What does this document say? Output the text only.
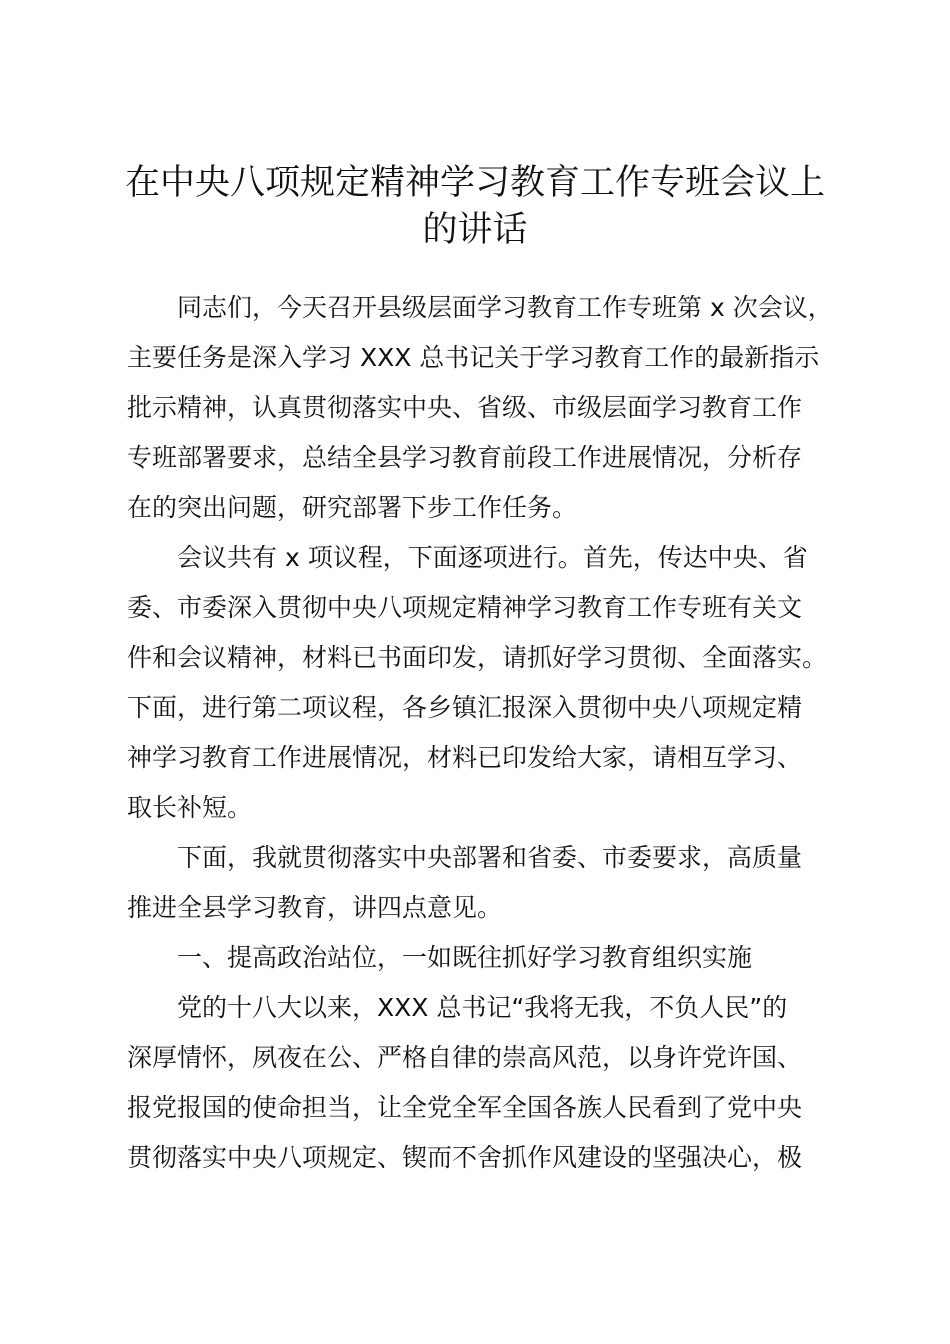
在中央八项规定精神学习教育工作专班会议上
的讲话

同志们，今天召开县级层面学习教育工作专班第 x 次会议，
主要任务是深入学习 XXX 总书记关于学习教育工作的最新指示
批示精神，认真贯彻落实中央、省级、市级层面学习教育工作
专班部署要求，总结全县学习教育前段工作进展情况，分析存
在的突出问题，研究部署下步工作任务。

会议共有 x 项议程，下面逐项进行。首先，传达中央、省
委、市委深入贯彻中央八项规定精神学习教育工作专班有关文
件和会议精神，材料已书面印发，请抓好学习贯彻、全面落实。
下面，进行第二项议程，各乡镇汇报深入贯彻中央八项规定精
神学习教育工作进展情况，材料已印发给大家，请相互学习、
取长补短。

下面，我就贯彻落实中央部署和省委、市委要求，高质量
推进全县学习教育，讲四点意见。

一、提高政治站位，一如既往抓好学习教育组织实施

党的十八大以来，XXX 总书记“我将无我，不负人民”的
深厚情怀，夙夜在公、严格自律的崇高风范，以身许党许国、
报党报国的使命担当，让全党全军全国各族人民看到了党中央
贯彻落实中央八项规定、锲而不舍抓作风建设的坚强决心，极
